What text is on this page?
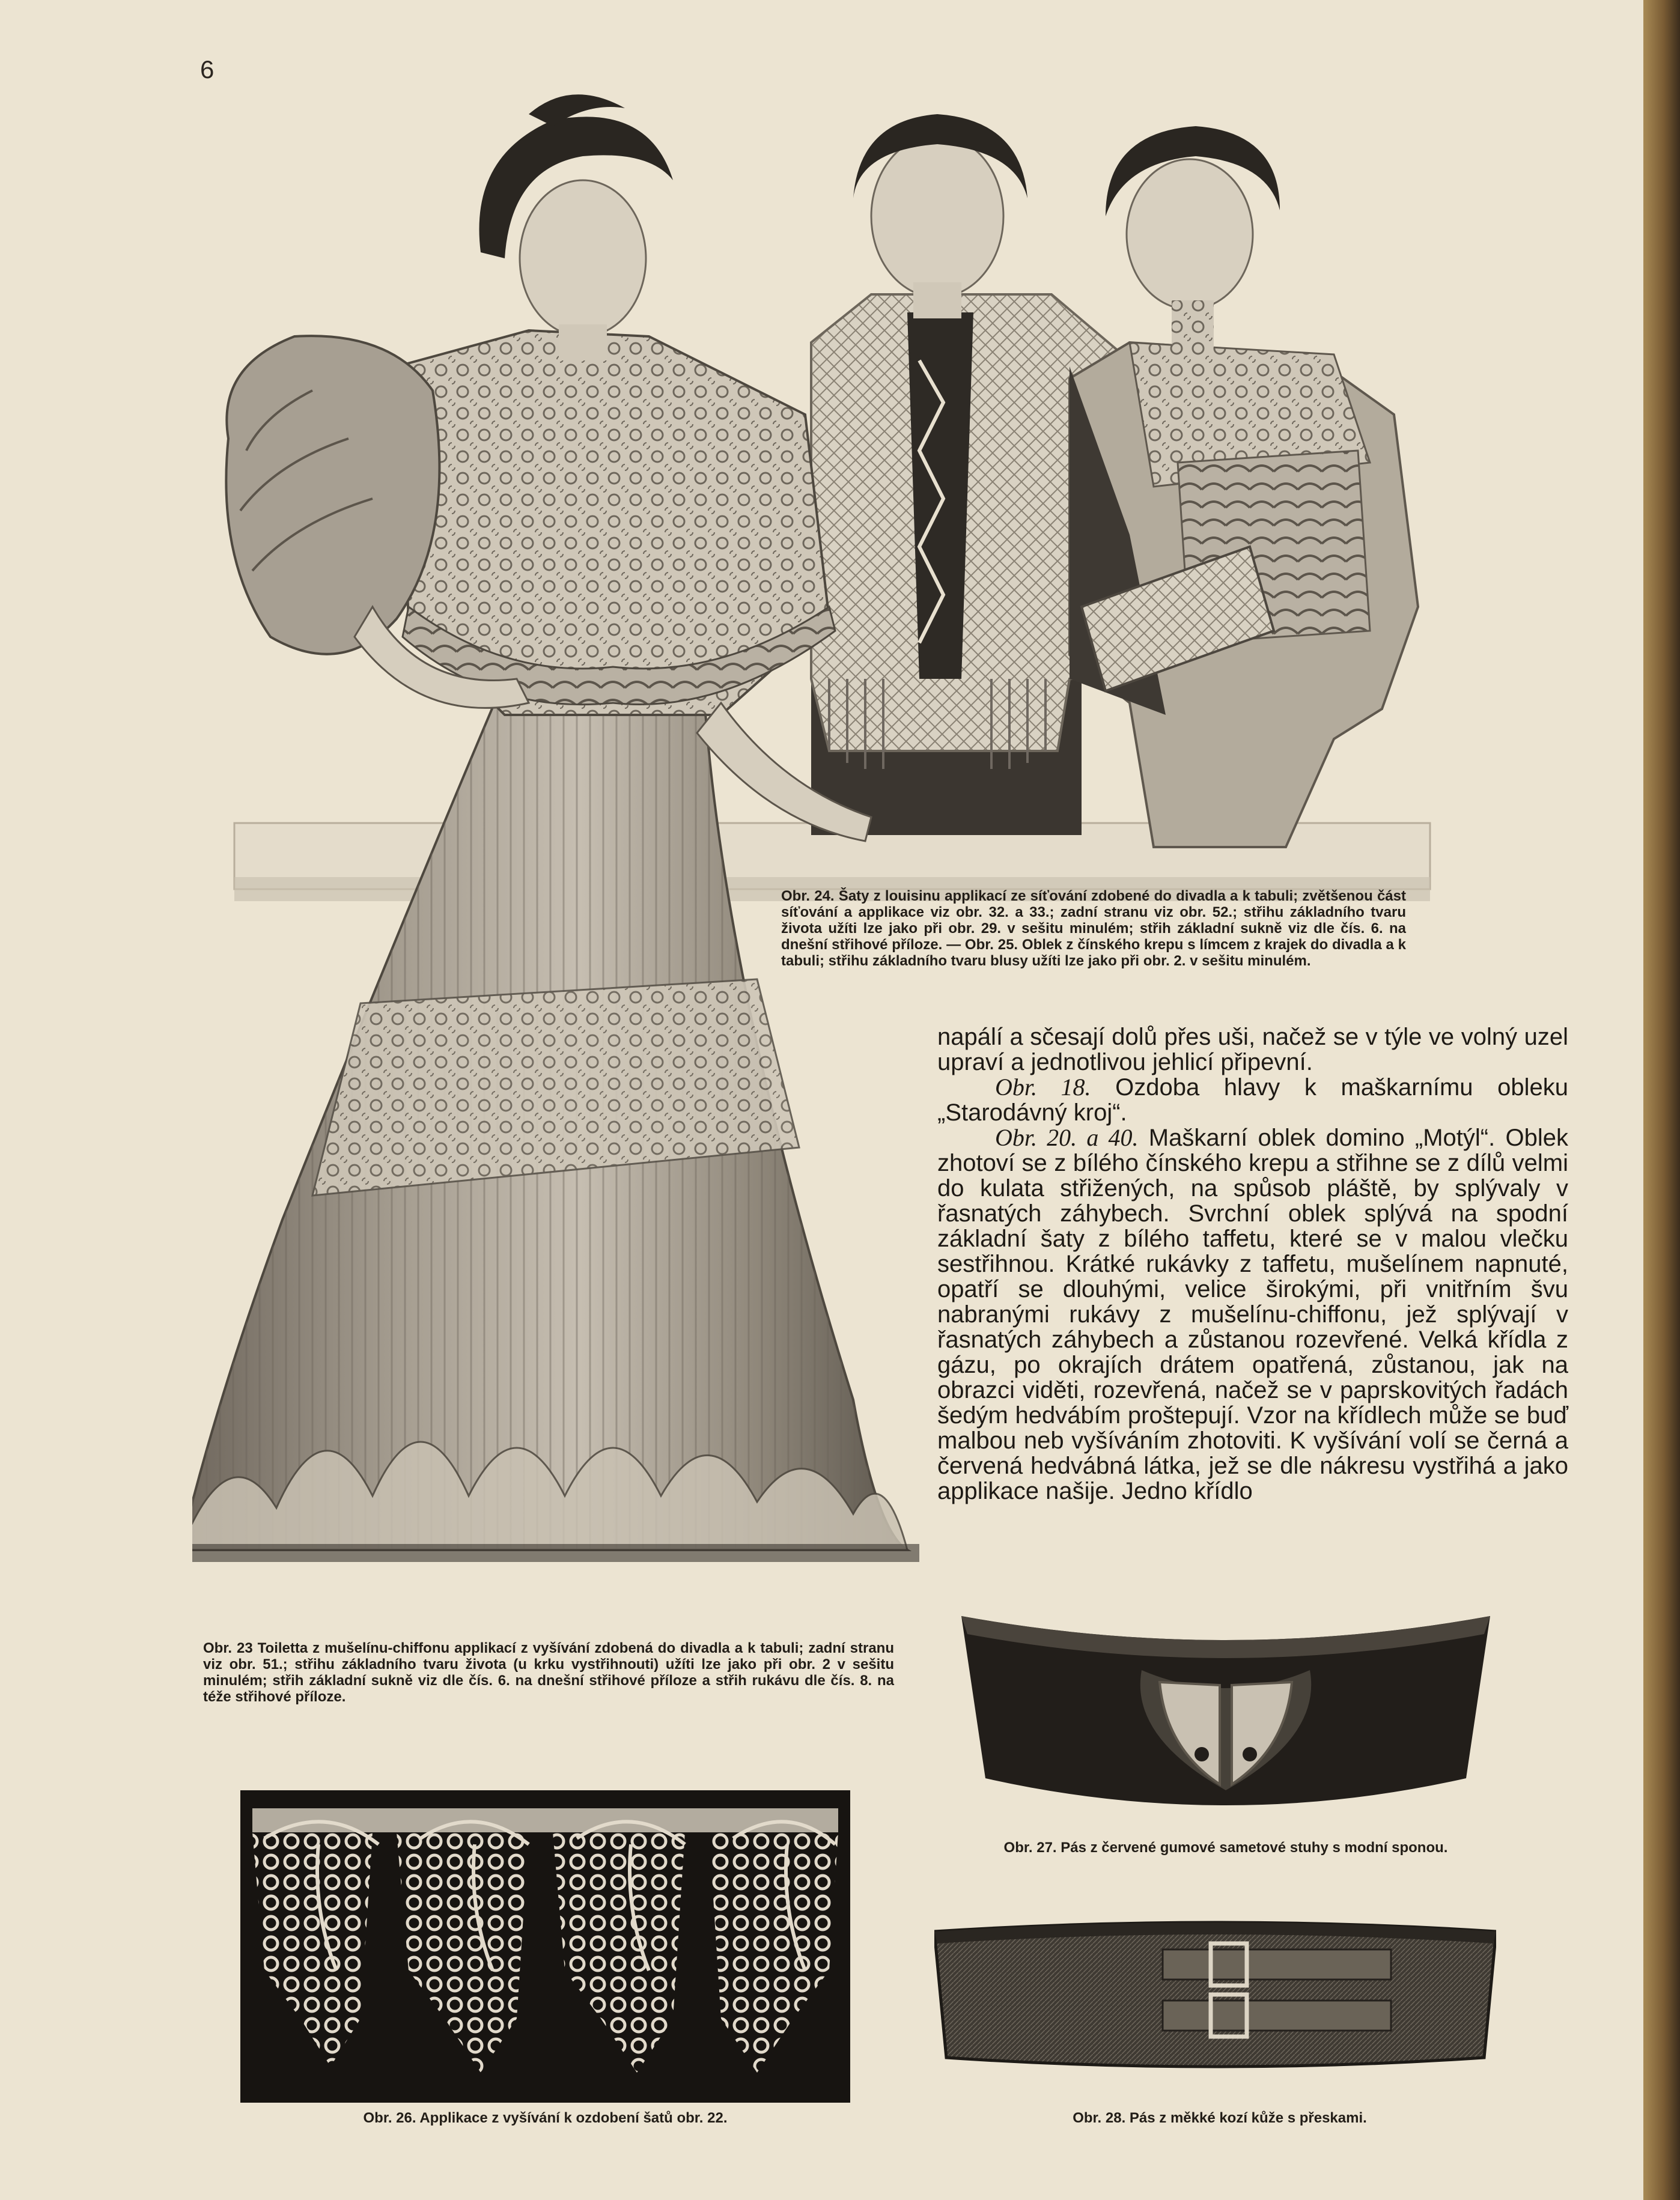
6
Obr. 24. Šaty z louisinu applikací ze síťování zdobené do divadla a k tabuli; zvětšenou část síťování a applikace viz obr. 32. a 33.; zadní stranu viz obr. 52.; střihu základního tvaru života užíti lze jako při obr. 29. v sešitu minulém; střih základní sukně viz dle čís. 6. na dnešní střihové příloze. — Obr. 25. Oblek z čínského krepu s límcem z krajek do divadla a k tabuli; střihu základního tvaru blusy užíti lze jako při obr. 2. v sešitu minulém.
Obr. 23 Toiletta z mušelínu-chiffonu applikací z vyšívání zdobená do divadla a k tabuli; zadní stranu viz obr. 51.; střihu základního tvaru života (u krku vystřihnouti) užíti lze jako při obr. 2 v sešitu minulém; střih základní sukně viz dle čís. 6. na dnešní střihové příloze a střih rukávu dle čís. 8. na téže střihové příloze.

napálí a sčesají dolů přes uši, načež se v týle ve volný uzel upraví a jednotlivou jehlicí připevní.

Obr. 18. Ozdoba hlavy k maškarnímu obleku „Starodávný kroj“.

Obr. 20. a 40. Maškarní oblek domino „Motýl“. Oblek zhotoví se z bílého čínského krepu a střihne se z dílů velmi do kulata střižených, na spůsob pláště, by splývaly v řasnatých záhybech. Svrchní oblek splývá na spodní základní šaty z bílého taffetu, které se v malou vlečku sestřihnou. Krátké rukávky z taffetu, mušelínem napnuté, opatří se dlouhými, velice širokými, při vnitřním švu nabranými rukávy z mušelínu-chiffonu, jež splývají v řasnatých záhybech a zůstanou rozevřené. Velká křídla z gázu, po okrajích drátem opatřená, zůstanou, jak na obrazci viděti, rozevřená, načež se v paprskovitých řadách šedým hedvábím proštepují. Vzor na křídlech může se buď malbou neb vyšíváním zhotoviti. K vyšívání volí se černá a červená hedvábná látka, jež se dle nákresu vystřihá a jako applikace našije. Jedno křídlo

Obr. 26. Applikace z vyšívání k ozdobení šatů obr. 22.
Obr. 27. Pás z červené gumové sametové stuhy s modní sponou.
Obr. 28. Pás z měkké kozí kůže s přeskami.
